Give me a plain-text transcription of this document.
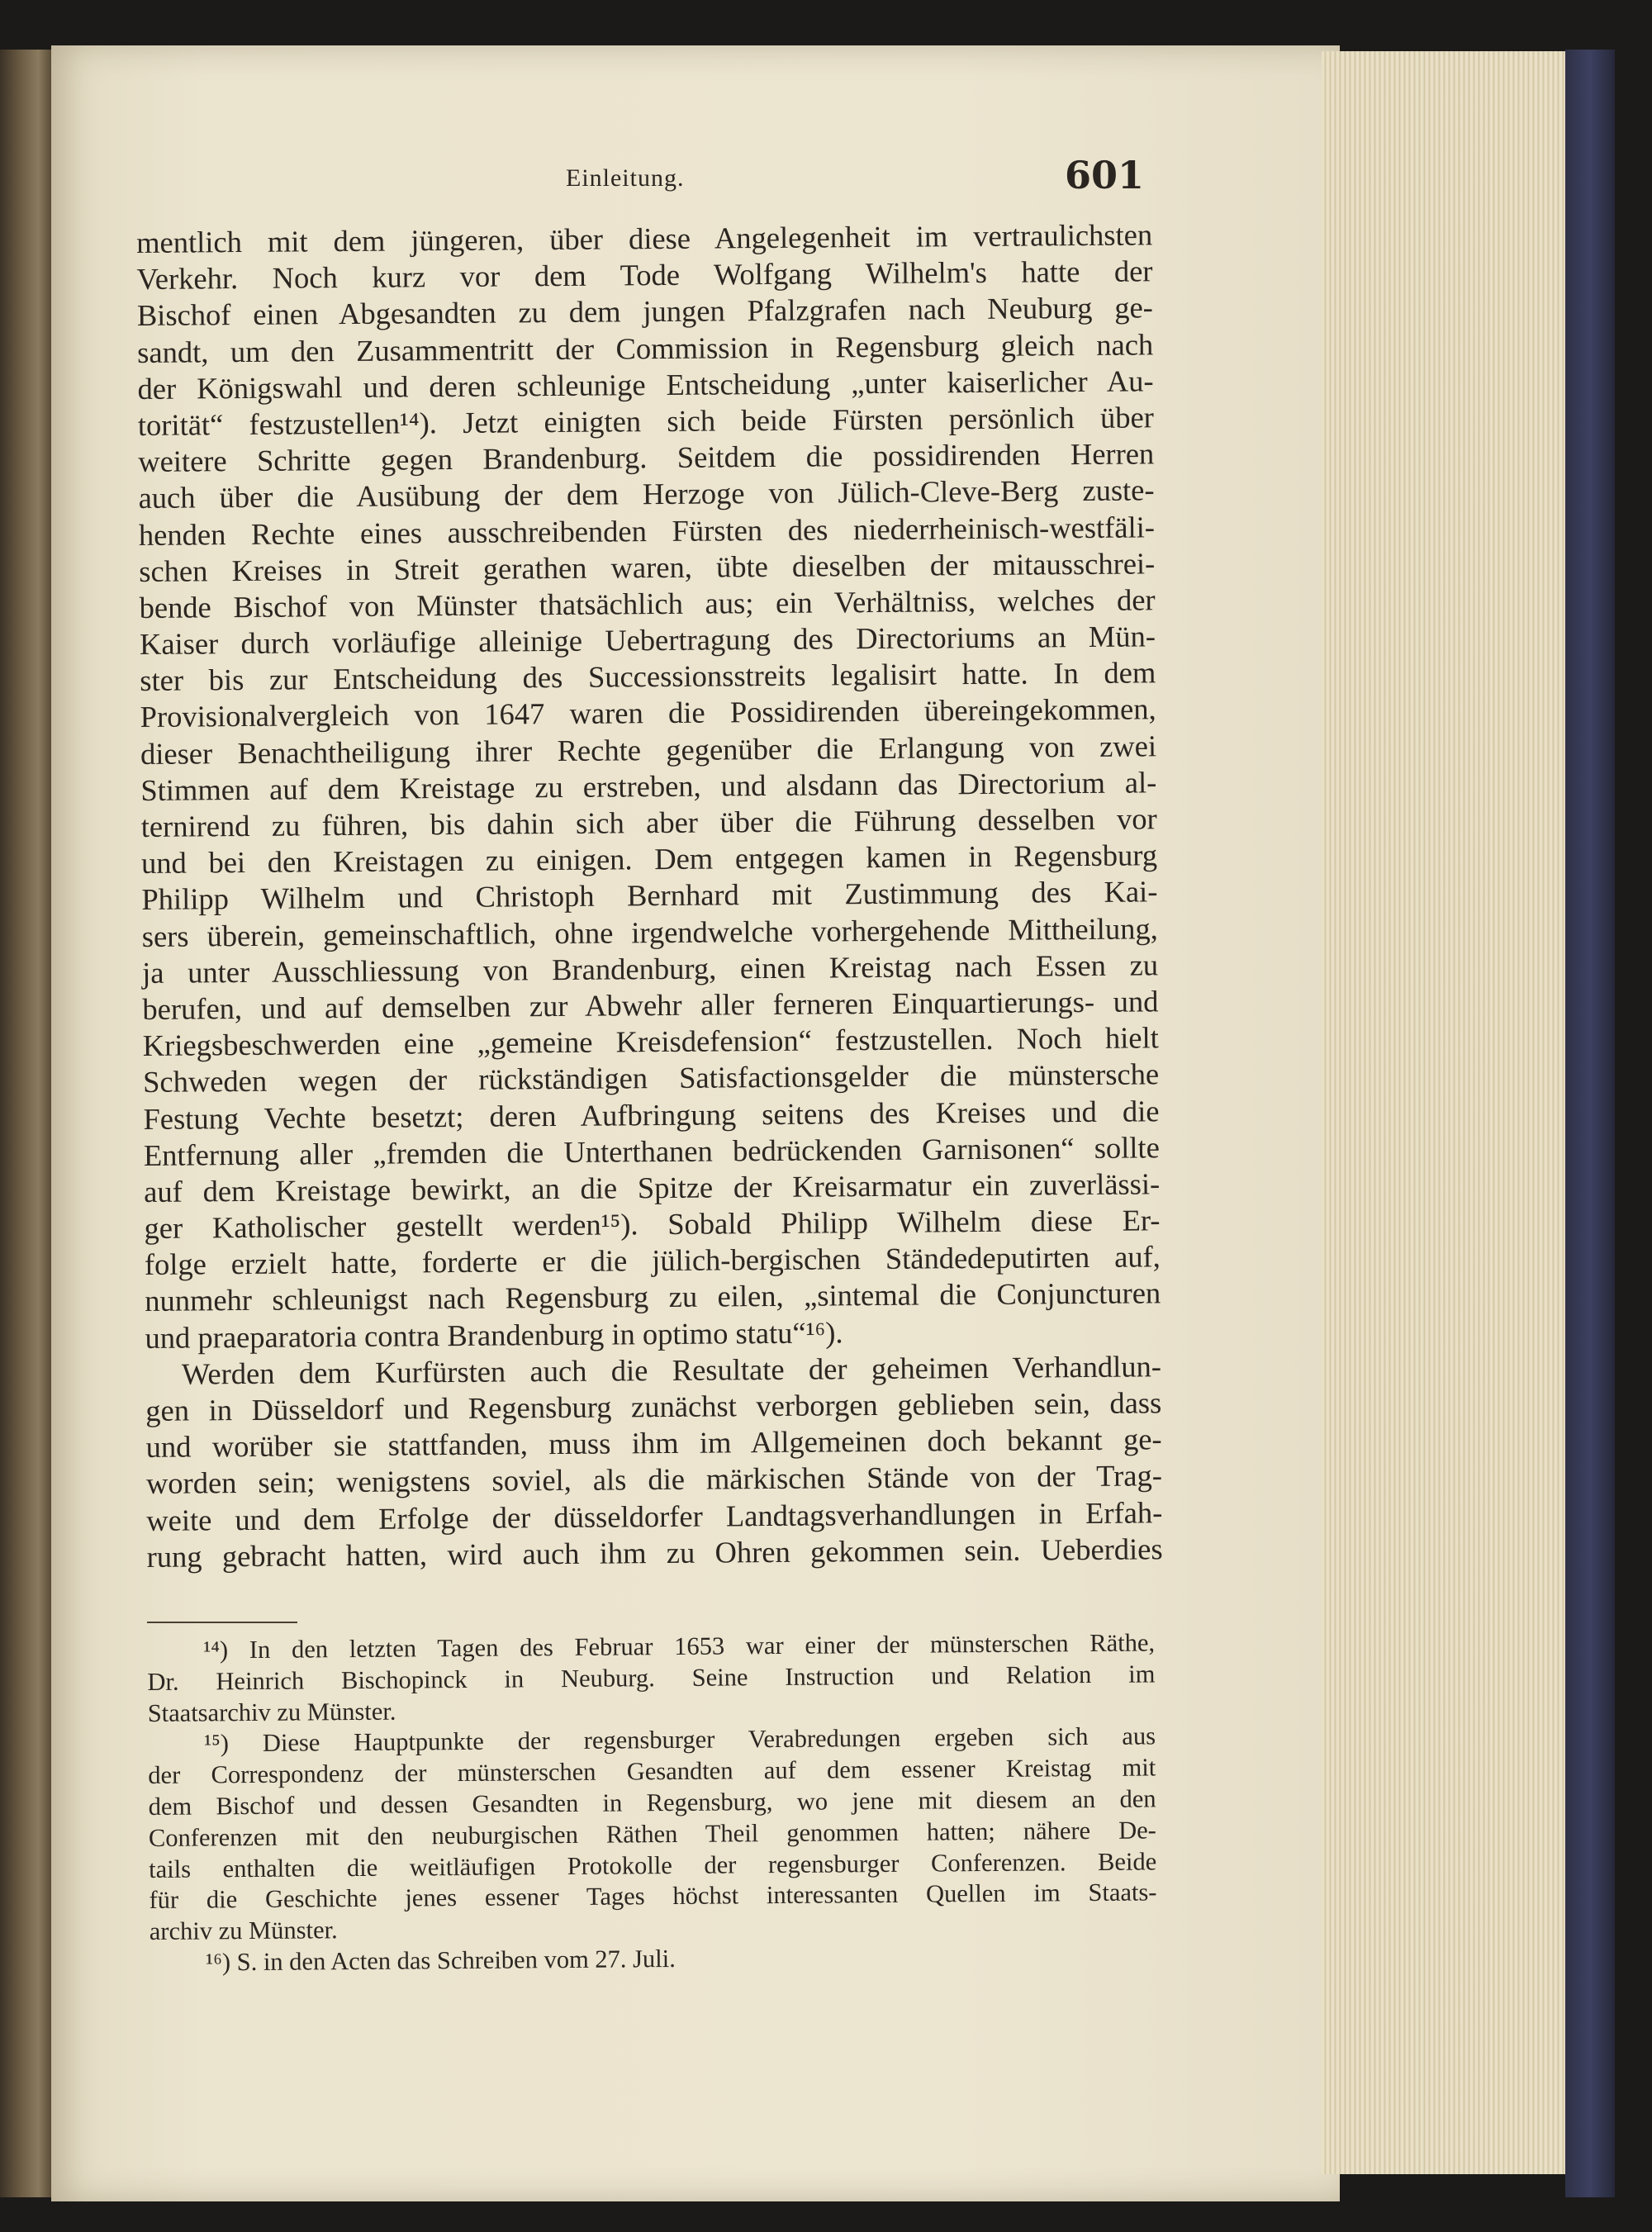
Einleitung.	601
mentlich mit dem jüngeren, über diese Angelegenheit im vertraulichsten
Verkehr. Noch kurz vor dem Tode Wolfgang Wilhelm's hatte der
Bischof einen Abgesandten zu dem jungen Pfalzgrafen nach Neuburg ge-
sandt, um den Zusammentritt der Commission in Regensburg gleich nach
der Königswahl und deren schleunige Entscheidung „unter kaiserlicher Au-
torität“ festzustellen¹⁴). Jetzt einigten sich beide Fürsten persönlich über
weitere Schritte gegen Brandenburg. Seitdem die possidirenden Herren
auch über die Ausübung der dem Herzoge von Jülich-Cleve-Berg zuste-
henden Rechte eines ausschreibenden Fürsten des niederrheinisch-westfäli-
schen Kreises in Streit gerathen waren, übte dieselben der mitausschrei-
bende Bischof von Münster thatsächlich aus; ein Verhältniss, welches der
Kaiser durch vorläufige alleinige Uebertragung des Directoriums an Mün-
ster bis zur Entscheidung des Successionsstreits legalisirt hatte. In dem
Provisionalvergleich von 1647 waren die Possidirenden übereingekommen,
dieser Benachtheiligung ihrer Rechte gegenüber die Erlangung von zwei
Stimmen auf dem Kreistage zu erstreben, und alsdann das Directorium al-
ternirend zu führen, bis dahin sich aber über die Führung desselben vor
und bei den Kreistagen zu einigen. Dem entgegen kamen in Regensburg
Philipp Wilhelm und Christoph Bernhard mit Zustimmung des Kai-
sers überein, gemeinschaftlich, ohne irgendwelche vorhergehende Mittheilung,
ja unter Ausschliessung von Brandenburg, einen Kreistag nach Essen zu
berufen, und auf demselben zur Abwehr aller ferneren Einquartierungs- und
Kriegsbeschwerden eine „gemeine Kreisdefension“ festzustellen. Noch hielt
Schweden wegen der rückständigen Satisfactionsgelder die münstersche
Festung Vechte besetzt; deren Aufbringung seitens des Kreises und die
Entfernung aller „fremden die Unterthanen bedrückenden Garnisonen“ sollte
auf dem Kreistage bewirkt, an die Spitze der Kreisarmatur ein zuverlässi-
ger Katholischer gestellt werden¹⁵). Sobald Philipp Wilhelm diese Er-
folge erzielt hatte, forderte er die jülich-bergischen Ständedeputirten auf,
nunmehr schleunigst nach Regensburg zu eilen, „sintemal die Conjuncturen
und praeparatoria contra Brandenburg in optimo statu“¹⁶).
Werden dem Kurfürsten auch die Resultate der geheimen Verhandlun-
gen in Düsseldorf und Regensburg zunächst verborgen geblieben sein, dass
und worüber sie stattfanden, muss ihm im Allgemeinen doch bekannt ge-
worden sein; wenigstens soviel, als die märkischen Stände von der Trag-
weite und dem Erfolge der düsseldorfer Landtagsverhandlungen in Erfah-
rung gebracht hatten, wird auch ihm zu Ohren gekommen sein. Ueberdies
¹⁴) In den letzten Tagen des Februar 1653 war einer der münsterschen Räthe,
Dr. Heinrich Bischopinck in Neuburg. Seine Instruction und Relation im
Staatsarchiv zu Münster.
¹⁵) Diese Hauptpunkte der regensburger Verabredungen ergeben sich aus
der Correspondenz der münsterschen Gesandten auf dem essener Kreistag mit
dem Bischof und dessen Gesandten in Regensburg, wo jene mit diesem an den
Conferenzen mit den neuburgischen Räthen Theil genommen hatten; nähere De-
tails enthalten die weitläufigen Protokolle der regensburger Conferenzen. Beide
für die Geschichte jenes essener Tages höchst interessanten Quellen im Staats-
archiv zu Münster.
¹⁶) S. in den Acten das Schreiben vom 27. Juli.
